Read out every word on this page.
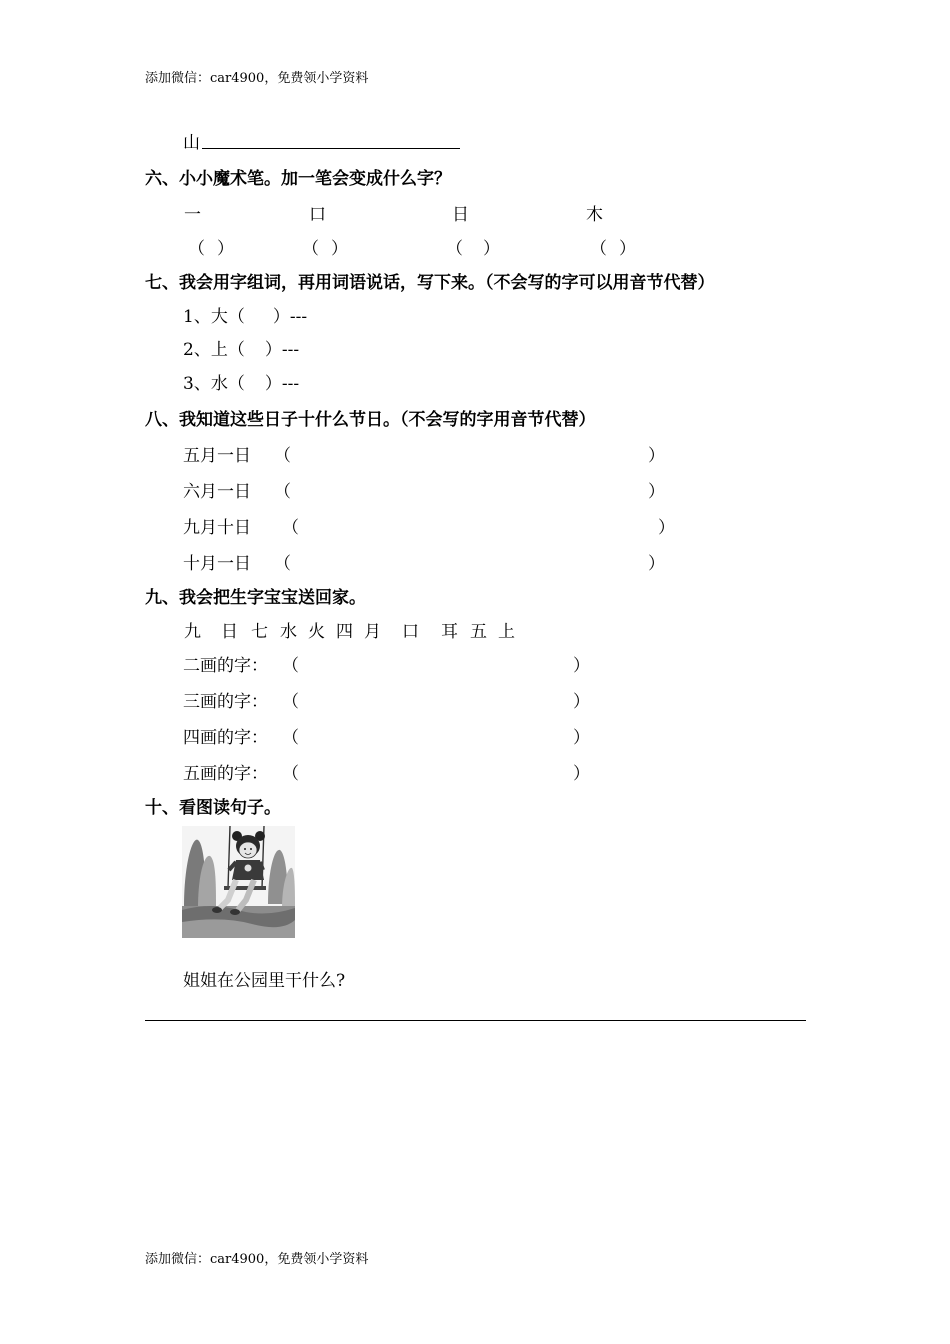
添加微信：car4900，免费领小学资料
山
六、小小魔术笔。加一笔会变成什么字？
一	口	日	木
（ ）	（ ）	（ ）	（ ）
七、我会用字组词，再用词语说话，写下来。（不会写的字可以用音节代替）
1、大（ ）---
2、上（ ）---
3、水（ ）---
八、我知道这些日子十什么节日。（不会写的字用音节代替）
五月一日 （	）
六月一日 （	）
九月十日 （	）
十月一日 （	）
九、我会把生字宝宝送回家。
九 日 七 水 火 四 月 口 耳 五 上
二画的字： （	）
三画的字： （	）
四画的字： （	）
五画的字： （	）
十、看图读句子。
姐姐在公园里干什么?
添加微信：car4900，免费领小学资料
